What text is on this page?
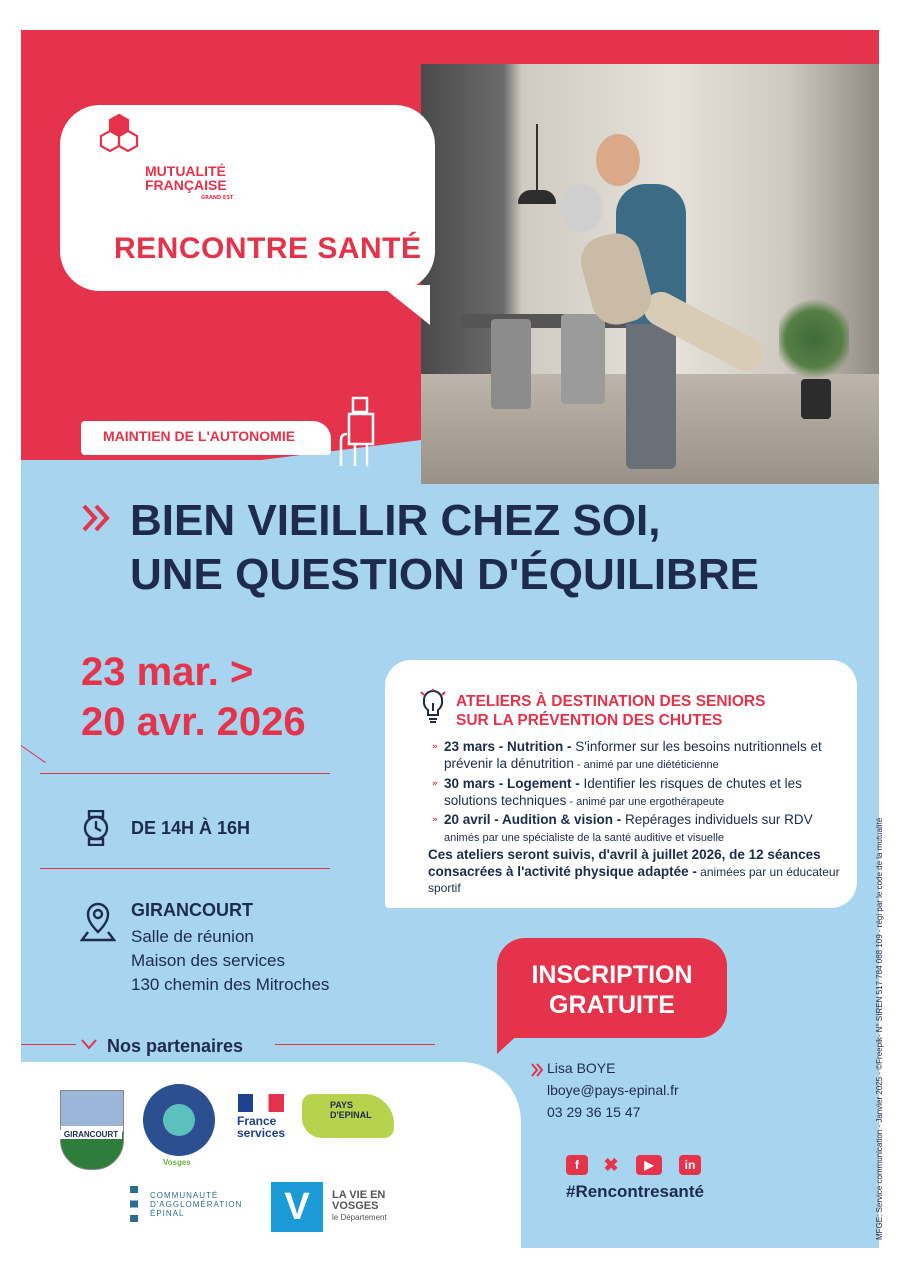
MUTUALITÉ
FRANÇAISE
GRAND EST
RENCONTRE SANTÉ
MAINTIEN DE L'AUTONOMIE
BIEN VIEILLIR CHEZ SOI,
UNE QUESTION D'ÉQUILIBRE
23 mar. >
20 avr. 2026
DE 14H À 16H
GIRANCOURT
Salle de réunion
Maison des services
130 chemin des Mitroches
ATELIERS À DESTINATION DES SENIORS
SUR LA PRÉVENTION DES CHUTES
» 23 mars - Nutrition - S'informer sur les besoins nutritionnels et prévenir la dénutrition - animé par une diététicienne
» 30 mars - Logement - Identifier les risques de chutes et les solutions techniques - animé par une ergothérapeute
» 20 avril - Audition & vision - Repérages individuels sur RDV
animés par une spécialiste de la santé auditive et visuelle
Ces ateliers seront suivis, d'avril à juillet 2026, de 12 séances consacrées à l'activité physique adaptée - animées par un éducateur sportif
INSCRIPTION
GRATUITE
Lisa BOYE
lboye@pays-epinal.fr
03 29 36 15 47
f	✖	▶	in
#Rencontresanté
Nos partenaires
GIRANCOURT
Vosges
France
services
PAYS
D'EPINAL
COMMUNAUTÉ
D'AGGLOMÉRATION
ÉPINAL	V	LA VIE EN
VOSGES
le Département	MFGE: Service communication - Janvier 2025 - ©Freepik- N° SIREN 517 784 088 109 - régi par le code de la mutualité
